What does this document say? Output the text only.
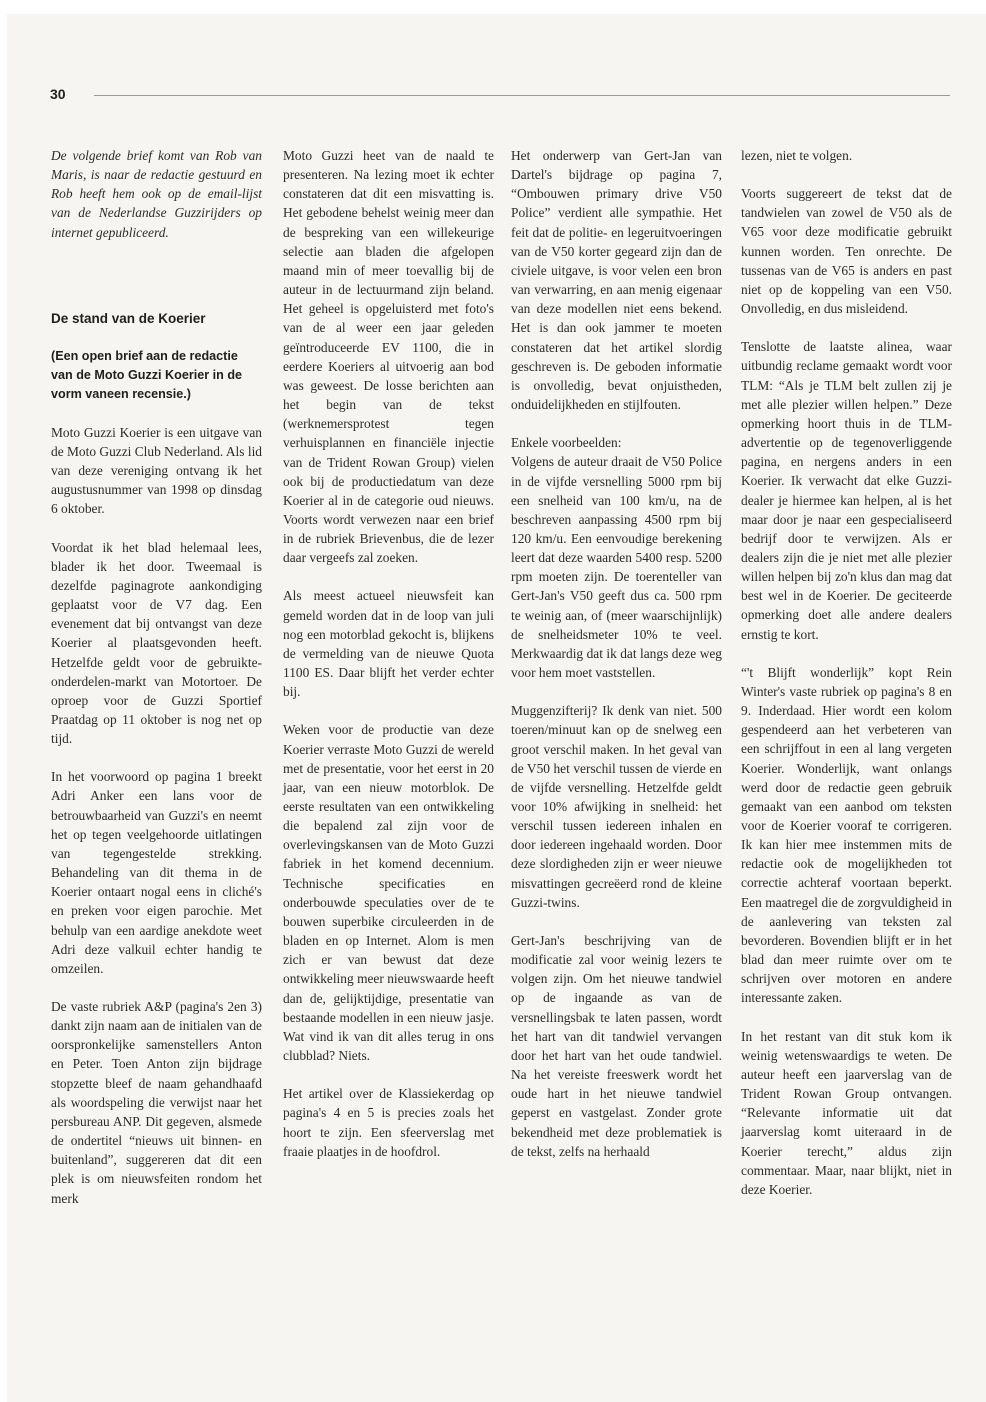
30

De volgende brief komt van Rob van Maris, is naar de redactie gestuurd en Rob heeft hem ook op de email-lijst van de Nederlandse Guzzirijders op internet gepubliceerd.

De stand van de Koerier
(Een open brief aan de redactie van de Moto Guzzi Koerier in de vorm vaneen recensie.)

Moto Guzzi Koerier is een uitgave van de Moto Guzzi Club Nederland. Als lid van deze vereniging ontvang ik het augustusnummer van 1998 op dinsdag 6 oktober.

Voordat ik het blad helemaal lees, blader ik het door. Tweemaal is dezelfde paginagrote aankondiging geplaatst voor de V7 dag. Een evenement dat bij ontvangst van deze Koerier al plaatsgevonden heeft. Hetzelfde geldt voor de gebruikte-onderdelen-markt van Motortoer. De oproep voor de Guzzi Sportief Praatdag op 11 oktober is nog net op tijd.

In het voorwoord op pagina 1 breekt Adri Anker een lans voor de betrouwbaarheid van Guzzi's en neemt het op tegen veelgehoorde uitlatingen van tegengestelde strekking. Behandeling van dit thema in de Koerier ontaart nogal eens in cliché's en preken voor eigen parochie. Met behulp van een aardige anekdote weet Adri deze valkuil echter handig te omzeilen.

De vaste rubriek A&P (pagina's 2en 3) dankt zijn naam aan de initialen van de oorspronkelijke samenstellers Anton en Peter. Toen Anton zijn bijdrage stopzette bleef de naam gehandhaafd als woordspeling die verwijst naar het persbureau ANP. Dit gegeven, alsmede de ondertitel “nieuws uit binnen- en buitenland”, suggereren dat dit een plek is om nieuwsfeiten rondom het merk

Moto Guzzi heet van de naald te presenteren. Na lezing moet ik echter constateren dat dit een misvatting is. Het gebodene behelst weinig meer dan de bespreking van een willekeurige selectie aan bladen die afgelopen maand min of meer toevallig bij de auteur in de lectuurmand zijn beland. Het geheel is opgeluisterd met foto's van de al weer een jaar geleden geïntroduceerde EV 1100, die in eerdere Koeriers al uitvoerig aan bod was geweest. De losse berichten aan het begin van de tekst (werknemersprotest tegen verhuisplannen en financiële injectie van de Trident Rowan Group) vielen ook bij de productiedatum van deze Koerier al in de categorie oud nieuws. Voorts wordt verwezen naar een brief in de rubriek Brievenbus, die de lezer daar vergeefs zal zoeken.

Als meest actueel nieuwsfeit kan gemeld worden dat in de loop van juli nog een motorblad gekocht is, blijkens de vermelding van de nieuwe Quota 1100 ES. Daar blijft het verder echter bij.

Weken voor de productie van deze Koerier verraste Moto Guzzi de wereld met de presentatie, voor het eerst in 20 jaar, van een nieuw motorblok. De eerste resultaten van een ontwikkeling die bepalend zal zijn voor de overlevingskansen van de Moto Guzzi fabriek in het komend decennium. Technische specificaties en onderbouwde speculaties over de te bouwen superbike circuleerden in de bladen en op Internet. Alom is men zich er van bewust dat deze ontwikkeling meer nieuwswaarde heeft dan de, gelijktijdige, presentatie van bestaande modellen in een nieuw jasje. Wat vind ik van dit alles terug in ons clubblad? Niets.

Het artikel over de Klassiekerdag op pagina's 4 en 5 is precies zoals het hoort te zijn. Een sfeerverslag met fraaie plaatjes in de hoofdrol.

Het onderwerp van Gert-Jan van Dartel's bijdrage op pagina 7, “Ombouwen primary drive V50 Police” verdient alle sympathie. Het feit dat de politie- en legeruitvoeringen van de V50 korter gegeard zijn dan de civiele uitgave, is voor velen een bron van verwarring, en aan menig eigenaar van deze modellen niet eens bekend. Het is dan ook jammer te moeten constateren dat het artikel slordig geschreven is. De geboden informatie is onvolledig, bevat onjuistheden, onduidelijkheden en stijlfouten.

Enkele voorbeelden:

Volgens de auteur draait de V50 Police in de vijfde versnelling 5000 rpm bij een snelheid van 100 km/u, na de beschreven aanpassing 4500 rpm bij 120 km/u. Een eenvoudige berekening leert dat deze waarden 5400 resp. 5200 rpm moeten zijn. De toerenteller van Gert-Jan's V50 geeft dus ca. 500 rpm te weinig aan, of (meer waarschijnlijk) de snelheidsmeter 10% te veel. Merkwaardig dat ik dat langs deze weg voor hem moet vaststellen.

Muggenzifterij? Ik denk van niet. 500 toeren/minuut kan op de snelweg een groot verschil maken. In het geval van de V50 het verschil tussen de vierde en de vijfde versnelling. Hetzelfde geldt voor 10% afwijking in snelheid: het verschil tussen iedereen inhalen en door iedereen ingehaald worden. Door deze slordigheden zijn er weer nieuwe misvattingen gecreëerd rond de kleine Guzzi-twins.

Gert-Jan's beschrijving van de modificatie zal voor weinig lezers te volgen zijn. Om het nieuwe tandwiel op de ingaande as van de versnellingsbak te laten passen, wordt het hart van dit tandwiel vervangen door het hart van het oude tandwiel. Na het vereiste freeswerk wordt het oude hart in het nieuwe tandwiel geperst en vastgelast. Zonder grote bekendheid met deze problematiek is de tekst, zelfs na herhaald

lezen, niet te volgen.

Voorts suggereert de tekst dat de tandwielen van zowel de V50 als de V65 voor deze modificatie gebruikt kunnen worden. Ten onrechte. De tussenas van de V65 is anders en past niet op de koppeling van een V50. Onvolledig, en dus misleidend.

Tenslotte de laatste alinea, waar uitbundig reclame gemaakt wordt voor TLM: “Als je TLM belt zullen zij je met alle plezier willen helpen.” Deze opmerking hoort thuis in de TLM-advertentie op de tegenoverliggende pagina, en nergens anders in een Koerier. Ik verwacht dat elke Guzzi-dealer je hiermee kan helpen, al is het maar door je naar een gespecialiseerd bedrijf door te verwijzen. Als er dealers zijn die je niet met alle plezier willen helpen bij zo'n klus dan mag dat best wel in de Koerier. De geciteerde opmerking doet alle andere dealers ernstig te kort.

“'t Blijft wonderlijk” kopt Rein Winter's vaste rubriek op pagina's 8 en 9. Inderdaad. Hier wordt een kolom gespendeerd aan het verbeteren van een schrijffout in een al lang vergeten Koerier. Wonderlijk, want onlangs werd door de redactie geen gebruik gemaakt van een aanbod om teksten voor de Koerier vooraf te corrigeren. Ik kan hier mee instemmen mits de redactie ook de mogelijkheden tot correctie achteraf voortaan beperkt. Een maatregel die de zorgvuldigheid in de aanlevering van teksten zal bevorderen. Bovendien blijft er in het blad dan meer ruimte over om te schrijven over motoren en andere interessante zaken.

In het restant van dit stuk kom ik weinig wetenswaardigs te weten. De auteur heeft een jaarverslag van de Trident Rowan Group ontvangen. “Relevante informatie uit dat jaarverslag komt uiteraard in de Koerier terecht,” aldus zijn commentaar. Maar, naar blijkt, niet in deze Koerier.
